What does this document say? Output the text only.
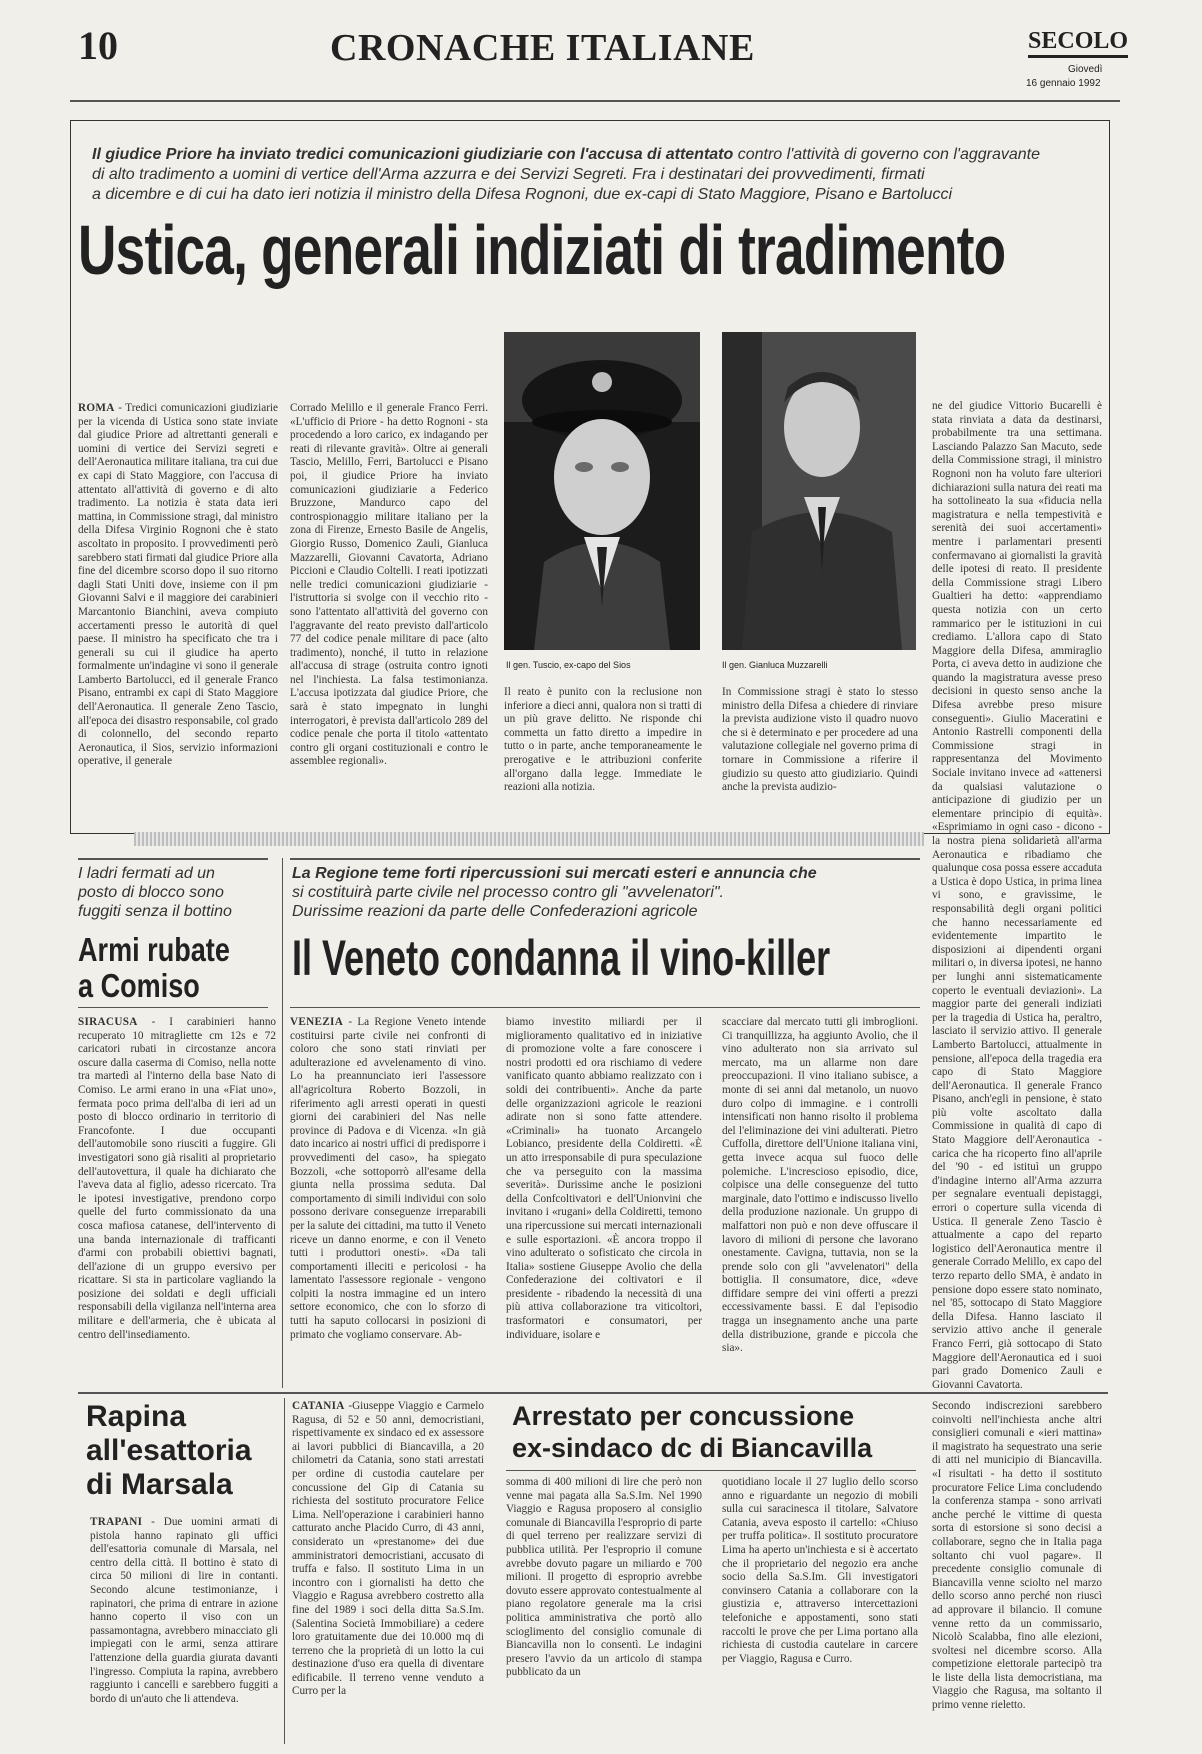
10	CRONACHE ITALIANE	SECOLO
Giovedì
16 gennaio 1992
Il giudice Priore ha inviato tredici comunicazioni giudiziarie con l'accusa di attentato contro l'attività di governo con l'aggravante
di alto tradimento a uomini di vertice dell'Arma azzurra e dei Servizi Segreti. Fra i destinatari dei provvedimenti, firmati
a dicembre e di cui ha dato ieri notizia il ministro della Difesa Rognoni, due ex-capi di Stato Maggiore, Pisano e Bartolucci
Ustica, generali indiziati di tradimento

ROMA - Tredici comunicazioni giudiziarie per la vicenda di Ustica sono state inviate dal giudice Priore ad altrettanti generali e uomini di vertice dei Servizi segreti e dell'Aeronautica militare italiana, tra cui due ex capi di Stato Maggiore, con l'accusa di attentato all'attività di governo e di alto tradimento. La notizia è stata data ieri mattina, in Commissione stragi, dal ministro della Difesa Virginio Rognoni che è stato ascoltato in proposito. I provvedimenti però sarebbero stati firmati dal giudice Priore alla fine del dicembre scorso dopo il suo ritorno dagli Stati Uniti dove, insieme con il pm Giovanni Salvi e il maggiore dei carabinieri Marcantonio Bianchini, aveva compiuto accertamenti presso le autorità di quel paese. Il ministro ha specificato che tra i generali su cui il giudice ha aperto formalmente un'indagine vi sono il generale Lamberto Bartolucci, ed il generale Franco Pisano, entrambi ex capi di Stato Maggiore dell'Aeronautica. Il generale Zeno Tascio, all'epoca dei disastro responsabile, col grado di colonnello, del secondo reparto Aeronautica, il Sios, servizio informazioni operative, il generale

Corrado Melillo e il generale Franco Ferri. «L'ufficio di Priore - ha detto Rognoni - sta procedendo a loro carico, ex indagando per reati di rilevante gravità». Oltre ai generali Tascio, Melillo, Ferri, Bartolucci e Pisano poi, il giudice Priore ha inviato comunicazioni giudiziarie a Federico Bruzzone, Mandurco capo del controspionaggio militare italiano per la zona di Firenze, Ernesto Basile de Angelis, Giorgio Russo, Domenico Zauli, Gianluca Mazzarelli, Giovanni Cavatorta, Adriano Piccioni e Claudio Coltelli. I reati ipotizzati nelle tredici comunicazioni giudiziarie - l'istruttoria si svolge con il vecchio rito - sono l'attentato all'attività del governo con l'aggravante del reato previsto dall'articolo 77 del codice penale militare di pace (alto tradimento), nonché, il tutto in relazione all'accusa di strage (ostruita contro ignoti nel l'inchiesta. La falsa testimonianza. L'accusa ipotizzata dal giudice Priore, che sarà è stato impegnato in lunghi interrogatori, è prevista dall'articolo 289 del codice penale che porta il titolo «attentato contro gli organi costituzionali e contro le assemblee regionali».

Il gen. Tuscio, ex-capo del Sios	Il gen. Gianluca Muzzarelli

Il reato è punito con la reclusione non inferiore a dieci anni, qualora non si tratti di un più grave delitto. Ne risponde chi commetta un fatto diretto a impedire in tutto o in parte, anche temporaneamente le prerogative e le attribuzioni conferite all'organo dalla legge. Immediate le reazioni alla notizia.

In Commissione stragi è stato lo stesso ministro della Difesa a chiedere di rinviare la prevista audizione visto il quadro nuovo che si è determinato e per procedere ad una valutazione collegiale nel governo prima di tornare in Commissione a riferire il giudizio su questo atto giudiziario. Quindi anche la prevista audizio-

ne del giudice Vittorio Bucarelli è stata rinviata a data da destinarsi, probabilmente tra una settimana. Lasciando Palazzo San Macuto, sede della Commissione stragi, il ministro Rognoni non ha voluto fare ulteriori dichiarazioni sulla natura dei reati ma ha sottolineato la sua «fiducia nella magistratura e nella tempestività e serenità dei suoi accertamenti» mentre i parlamentari presenti confermavano ai giornalisti la gravità delle ipotesi di reato. Il presidente della Commissione stragi Libero Gualtieri ha detto: «apprendiamo questa notizia con un certo rammarico per le istituzioni in cui crediamo. L'allora capo di Stato Maggiore della Difesa, ammiraglio Porta, ci aveva detto in audizione che quando la magistratura avesse preso decisioni in questo senso anche la Difesa avrebbe preso misure conseguenti». Giulio Maceratini e Antonio Rastrelli componenti della Commissione stragi in rappresentanza del Movimento Sociale invitano invece ad «attenersi da qualsiasi valutazione o anticipazione di giudizio per un elementare principio di equità». «Esprimiamo in ogni caso - dicono - la nostra piena solidarietà all'arma Aeronautica e ribadiamo che qualunque cosa possa essere accaduta a Ustica è dopo Ustica, in prima linea vi sono, e gravissime, le responsabilità degli organi politici che hanno necessariamente ed evidentemente impartito le disposizioni ai dipendenti organi militari o, in diversa ipotesi, ne hanno per lunghi anni sistematicamente coperto le eventuali deviazioni». La maggior parte dei generali indiziati per la tragedia di Ustica ha, peraltro, lasciato il servizio attivo. Il generale Lamberto Bartolucci, attualmente in pensione, all'epoca della tragedia era capo di Stato Maggiore dell'Aeronautica. Il generale Franco Pisano, anch'egli in pensione, è stato più volte ascoltato dalla Commissione in qualità di capo di Stato Maggiore dell'Aeronautica - carica che ha ricoperto fino all'aprile del '90 - ed istituì un gruppo d'indagine interno all'Arma azzurra per segnalare eventuali depistaggi, errori o coperture sulla vicenda di Ustica. Il generale Zeno Tascio è attualmente a capo del reparto logistico dell'Aeronautica mentre il generale Corrado Melillo, ex capo del terzo reparto dello SMA, è andato in pensione dopo essere stato nominato, nel '85, sottocapo di Stato Maggiore della Difesa. Hanno lasciato il servizio attivo anche il generale Franco Ferri, già sottocapo di Stato Maggiore dell'Aeronautica ed i suoi pari grado Domenico Zauli e Giovanni Cavatorta.

I ladri fermati ad un posto di blocco sono fuggiti senza il bottino
Armi rubate
a Comiso

SIRACUSA - I carabinieri hanno recuperato 10 mitragliette cm 12s e 72 caricatori rubati in circostanze ancora oscure dalla caserma di Comiso, nella notte tra martedì al l'interno della base Nato di Comiso. Le armi erano in una «Fiat uno», fermata poco prima dell'alba di ieri ad un posto di blocco ordinario in territorio di Francofonte. I due occupanti dell'automobile sono riusciti a fuggire. Gli investigatori sono già risaliti al proprietario dell'autovettura, il quale ha dichiarato che l'aveva data al figlio, adesso ricercato. Tra le ipotesi investigative, prendono corpo quelle del furto commissionato da una cosca mafiosa catanese, dell'intervento di una banda internazionale di trafficanti d'armi con probabili obiettivi bagnati, dell'azione di un gruppo eversivo per ricattare. Si sta in particolare vagliando la posizione dei soldati e degli ufficiali responsabili della vigilanza nell'interna area militare e dell'armeria, che è ubicata al centro dell'insediamento.

La Regione teme forti ripercussioni sui mercati esteri e annuncia che
si costituirà parte civile nel processo contro gli "avvelenatori".
Durissime reazioni da parte delle Confederazioni agricole
Il Veneto condanna il vino-killer

VENEZIA - La Regione Veneto intende costituirsi parte civile nei confronti di coloro che sono stati rinviati per adulterazione ed avvelenamento di vino. Lo ha preannunciato ieri l'assessore all'agricoltura Roberto Bozzoli, in riferimento agli arresti operati in questi giorni dei carabinieri del Nas nelle province di Padova e di Vicenza. «In già dato incarico ai nostri uffici di predisporre i provvedimenti del caso», ha spiegato Bozzoli, «che sottoporrò all'esame della giunta nella prossima seduta. Dal comportamento di simili individui con solo possono derivare conseguenze irreparabili per la salute dei cittadini, ma tutto il Veneto riceve un danno enorme, e con il Veneto tutti i produttori onesti». «Da tali comportamenti illeciti e pericolosi - ha lamentato l'assessore regionale - vengono colpiti la nostra immagine ed un intero settore economico, che con lo sforzo di tutti ha saputo collocarsi in posizioni di primato che vogliamo conservare. Ab-

biamo investito miliardi per il miglioramento qualitativo ed in iniziative di promozione volte a fare conoscere i nostri prodotti ed ora rischiamo di vedere vanificato quanto abbiamo realizzato con i soldi dei contribuenti». Anche da parte delle organizzazioni agricole le reazioni adirate non si sono fatte attendere. «Criminali» ha tuonato Arcangelo Lobianco, presidente della Coldiretti. «È un atto irresponsabile di pura speculazione che va perseguito con la massima severità». Durissime anche le posizioni della Confcoltivatori e dell'Unionvini che invitano i «rugani» della Coldiretti, temono una ripercussione sui mercati internazionali e sulle esportazioni. «È ancora troppo il vino adulterato o sofisticato che circola in Italia» sostiene Giuseppe Avolio che della Confederazione dei coltivatori e il presidente - ribadendo la necessità di una più attiva collaborazione tra viticoltori, trasformatori e consumatori, per individuare, isolare e

scacciare dal mercato tutti gli imbroglioni. Ci tranquillizza, ha aggiunto Avolio, che il vino adulterato non sia arrivato sul mercato, ma un allarme non dare preoccupazioni. Il vino italiano subisce, a monte di sei anni dal metanolo, un nuovo duro colpo di immagine. e i controlli intensificati non hanno risolto il problema del l'eliminazione dei vini adulterati. Pietro Cuffolla, direttore dell'Unione italiana vini, getta invece acqua sul fuoco delle polemiche. L'increscioso episodio, dice, colpisce una delle conseguenze del tutto marginale, dato l'ottimo e indiscusso livello della produzione nazionale. Un gruppo di malfattori non può e non deve offuscare il lavoro di milioni di persone che lavorano onestamente. Cavigna, tuttavia, non se la prende solo con gli "avvelenatori" della bottiglia. Il consumatore, dice, «deve diffidare sempre dei vini offerti a prezzi eccessivamente bassi. E dal l'episodio tragga un insegnamento anche una parte della distribuzione, grande e piccola che sia».

Rapina
all'esattoria
di Marsala

TRAPANI - Due uomini armati di pistola hanno rapinato gli uffici dell'esattoria comunale di Marsala, nel centro della città. Il bottino è stato di circa 50 milioni di lire in contanti. Secondo alcune testimonianze, i rapinatori, che prima di entrare in azione hanno coperto il viso con un passamontagna, avrebbero minacciato gli impiegati con le armi, senza attirare l'attenzione della guardia giurata davanti l'ingresso. Compiuta la rapina, avrebbero raggiunto i cancelli e sarebbero fuggiti a bordo di un'auto che li attendeva.

CATANIA -Giuseppe Viaggio e Carmelo Ragusa, di 52 e 50 anni, democristiani, rispettivamente ex sindaco ed ex assessore ai lavori pubblici di Biancavilla, a 20 chilometri da Catania, sono stati arrestati per ordine di custodia cautelare per concussione del Gip di Catania su richiesta del sostituto procuratore Felice Lima. Nell'operazione i carabinieri hanno catturato anche Placido Curro, di 43 anni, considerato un «prestanome» dei due amministratori democristiani, accusato di truffa e falso. Il sostituto Lima in un incontro con i giornalisti ha detto che Viaggio e Ragusa avrebbero costretto alla fine del 1989 i soci della ditta Sa.S.Im. (Salentina Società Immobiliare) a cedere loro gratuitamente due dei 10.000 mq di terreno che la proprietà di un lotto la cui destinazione d'uso era quella di diventare edificabile. Il terreno venne venduto a Curro per la

Arrestato per concussione
ex-sindaco dc di Biancavilla

somma di 400 milioni di lire che però non venne mai pagata alla Sa.S.Im. Nel 1990 Viaggio e Ragusa proposero al consiglio comunale di Biancavilla l'esproprio di parte di quel terreno per realizzare servizi di pubblica utilità. Per l'esproprio il comune avrebbe dovuto pagare un miliardo e 700 milioni. Il progetto di esproprio avrebbe dovuto essere approvato contestualmente al piano regolatore generale ma la crisi politica amministrativa che portò allo scioglimento del consiglio comunale di Biancavilla non lo consentì. Le indagini presero l'avvio da un articolo di stampa pubblicato da un

quotidiano locale il 27 luglio dello scorso anno e riguardante un negozio di mobili sulla cui saracinesca il titolare, Salvatore Catania, aveva esposto il cartello: «Chiuso per truffa politica». Il sostituto procuratore Lima ha aperto un'inchiesta e si è accertato che il proprietario del negozio era anche socio della Sa.S.Im. Gli investigatori convinsero Catania a collaborare con la giustizia e, attraverso intercettazioni telefoniche e appostamenti, sono stati raccolti le prove che per Lima portano alla richiesta di custodia cautelare in carcere per Viaggio, Ragusa e Curro.

Secondo indiscrezioni sarebbero coinvolti nell'inchiesta anche altri consiglieri comunali e «ieri mattina» il magistrato ha sequestrato una serie di atti nel municipio di Biancavilla. «I risultati - ha detto il sostituto procuratore Felice Lima concludendo la conferenza stampa - sono arrivati anche perché le vittime di questa sorta di estorsione si sono decisi a collaborare, segno che in Italia paga soltanto chi vuol pagare». Il precedente consiglio comunale di Biancavilla venne sciolto nel marzo dello scorso anno perché non riuscì ad approvare il bilancio. Il comune venne retto da un commissario, Nicolò Scalabba, fino alle elezioni, svoltesi nel dicembre scorso. Alla competizione elettorale partecipò tra le liste della lista democristiana, ma Viaggio che Ragusa, ma soltanto il primo venne rieletto.
